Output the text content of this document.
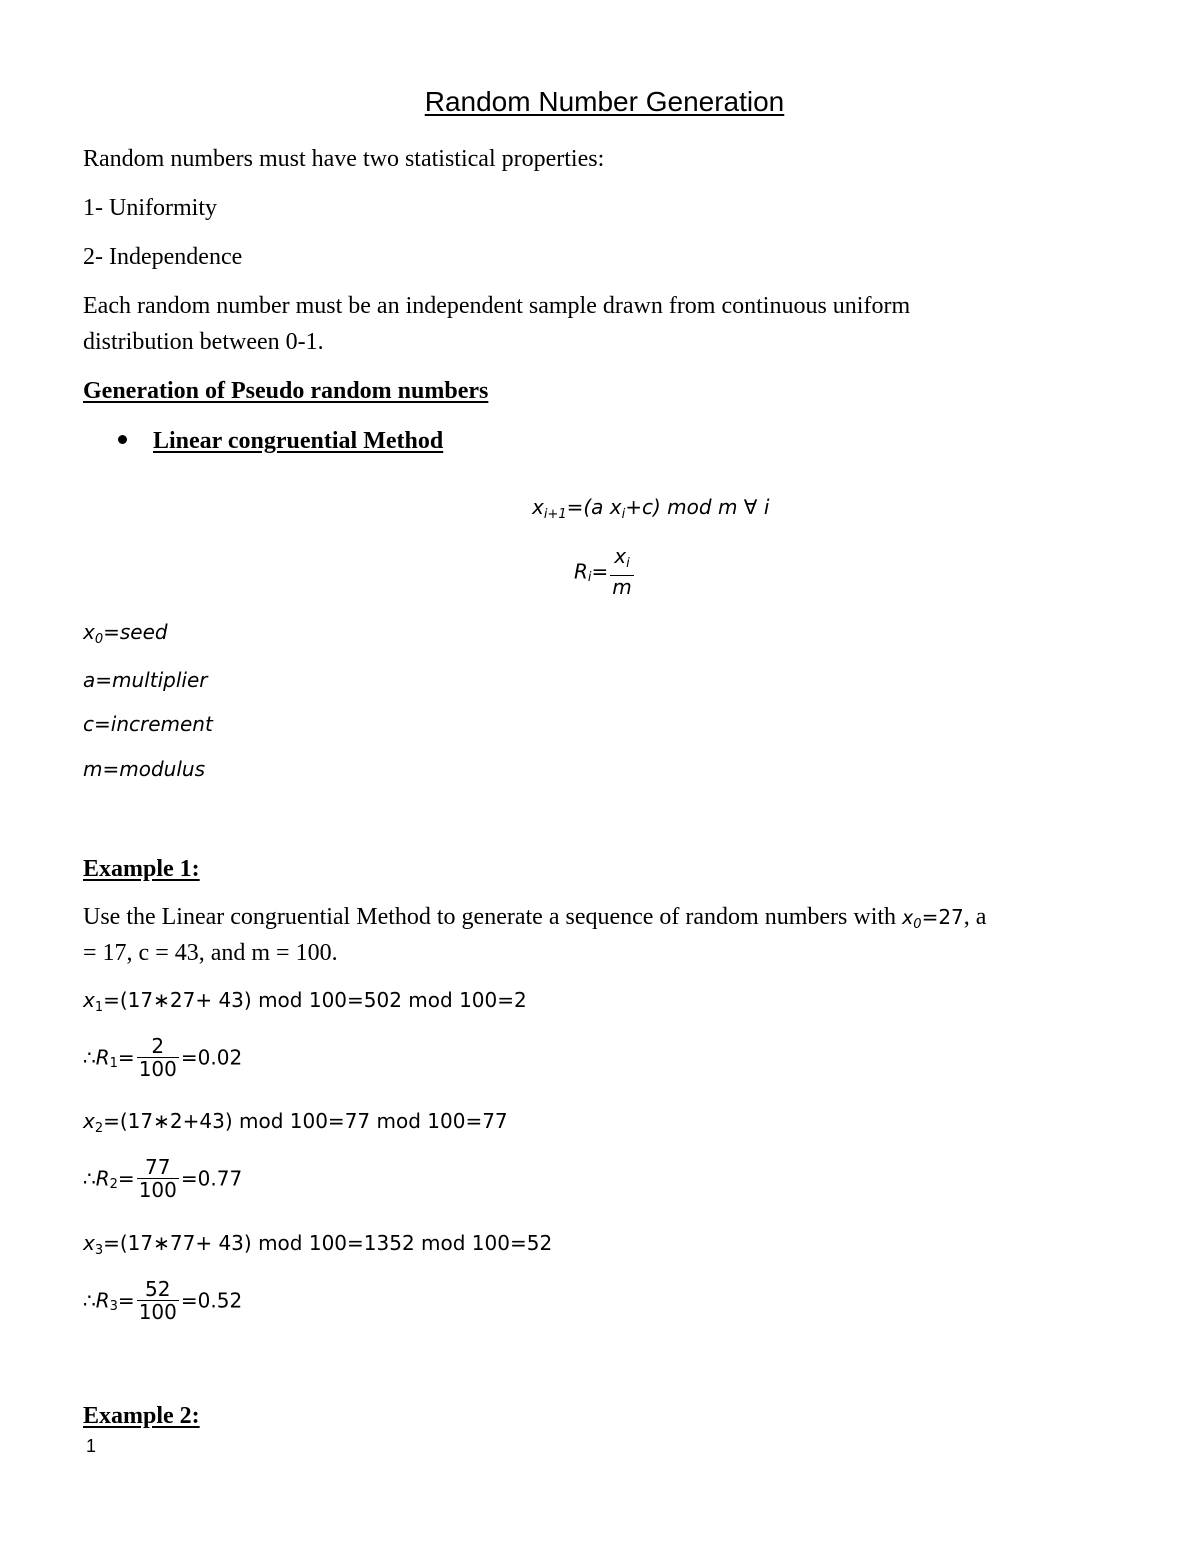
Random Number Generation
Random numbers must have two statistical properties:
1- Uniformity
2- Independence
Each random number must be an independent sample drawn from continuous uniform
distribution between 0-1.
Generation of Pseudo random numbers
Linear congruential Method
$x_{i+1}=(a$ $x_i+c$) mod m ∀ i
$R_i= \frac{x_i}{m}$
$x_0=seed$
a=multiplier
c=increment
m=modulus
Example 1:
Use the Linear congruential Method to generate a sequence of random numbers with $x_0=27$, a
= 17, c = 43, and m = 100.
$x_1=(17∗27+ 43)$ mod 100=502 mod 100=2
$\therefore R_1= \frac{2}{100} =0.02$
$x_2=(17∗2+43)$ mod 100=77 mod 100=77
$\therefore R_2= \frac{77}{100} =0.77$
$x_3=(17∗77+ 43)$ mod 100=1352 mod 100=52
$\therefore R_3= \frac{52}{100} =0.52$
Example 2:
1
